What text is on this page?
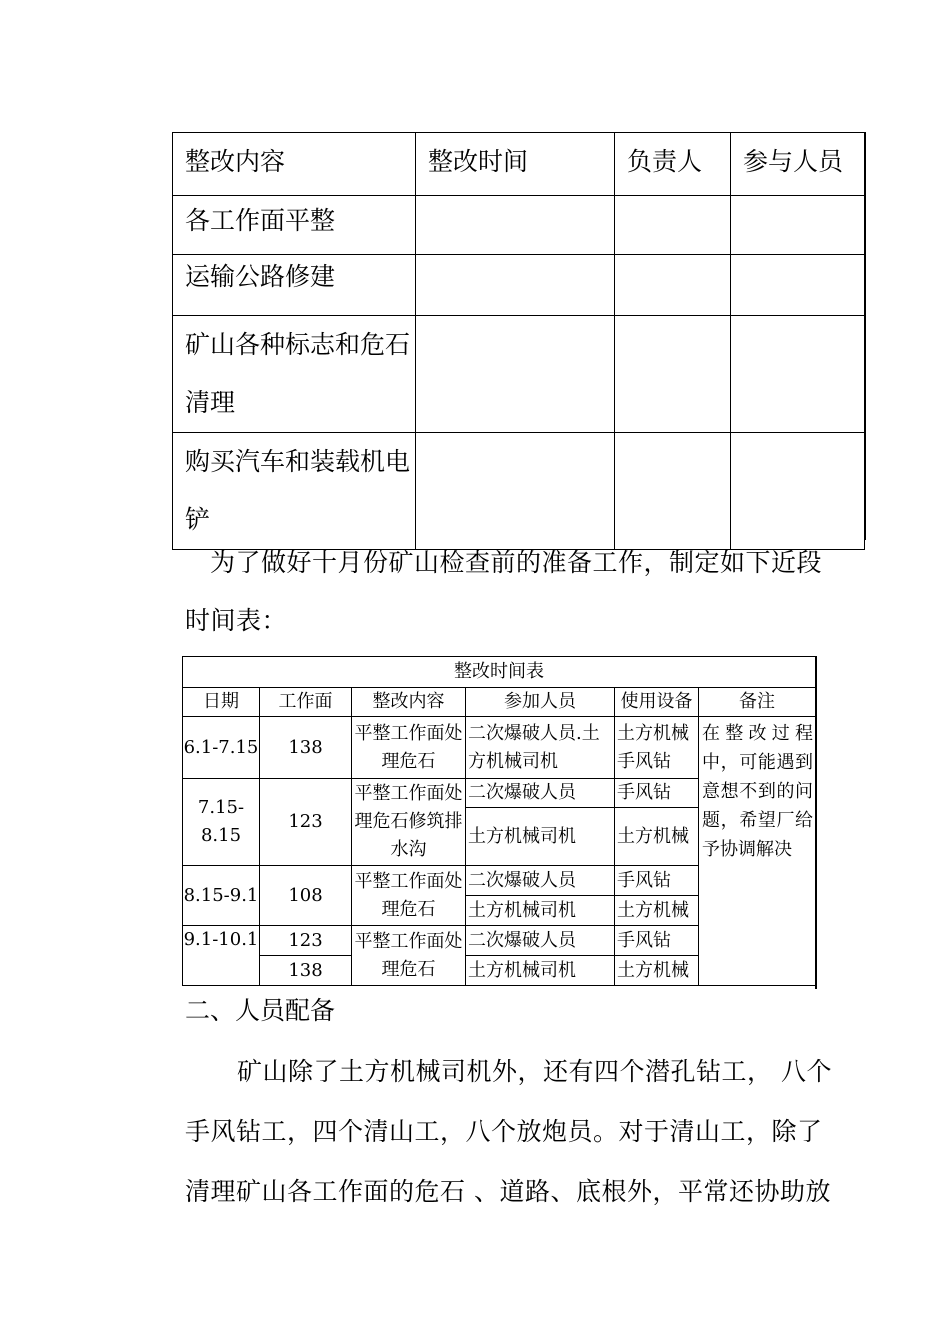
整改内容	整改时间	负责人	参与人员
各工作面平整			
运输公路修建			
矿山各种标志和危石清理			
购买汽车和装载机电铲			
为了做好十月份矿山检查前的准备工作，制定如下近段时间表：
整改时间表					
日期	工作面	整改内容	参加人员	使用设备	备注
6.1-7.15	138	平整工作面处理危石	二次爆破人员.土方机械司机	土方机械手风钻	在整改过程中，可能遇到意想不到的问题，希望厂给予协调解决
7.15-8.15	123	平整工作面处理危石修筑排水沟	二次爆破人员	手风钻	
			土方机械司机	土方机械	
8.15-9.1	108	平整工作面处理危石	二次爆破人员	手风钻	
			土方机械司机	土方机械	
9.1-10.1	123	平整工作面处理危石	二次爆破人员	手风钻	
	138		土方机械司机	土方机械	
二、人员配备
矿山除了土方机械司机外，还有四个潜孔钻工， 八个手风钻工，四个清山工，八个放炮员。对于清山工，除了清理矿山各工作面的危石 、道路、底根外，平常还协助放
